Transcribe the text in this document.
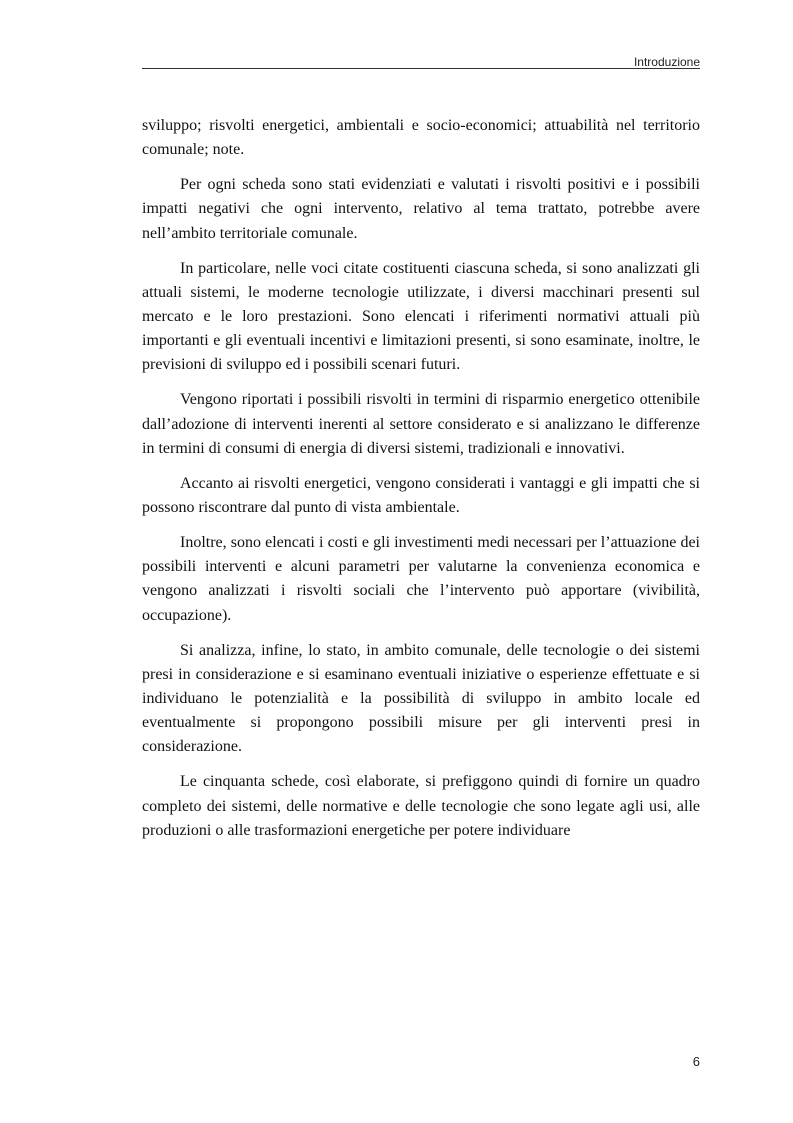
Introduzione

sviluppo; risvolti energetici, ambientali e socio-economici; attuabilità nel territorio comunale; note.

Per ogni scheda sono stati evidenziati e valutati i risvolti positivi e i possibili impatti negativi che ogni intervento, relativo al tema trattato, potrebbe avere nell’ambito territoriale comunale.

In particolare, nelle voci citate costituenti ciascuna scheda, si sono analizzati gli attuali sistemi, le moderne tecnologie utilizzate, i diversi macchinari presenti sul mercato e le loro prestazioni. Sono elencati i riferimenti normativi attuali più importanti e gli eventuali incentivi e limitazioni presenti, si sono esaminate, inoltre, le previsioni di sviluppo ed i possibili scenari futuri.

Vengono riportati i possibili risvolti in termini di risparmio energetico ottenibile dall’adozione di interventi inerenti al settore considerato e si analizzano le differenze in termini di consumi di energia di diversi sistemi, tradizionali e innovativi.

Accanto ai risvolti energetici, vengono considerati i vantaggi e gli impatti che si possono riscontrare dal punto di vista ambientale.

Inoltre, sono elencati i costi e gli investimenti medi necessari per l’attuazione dei possibili interventi e alcuni parametri per valutarne la convenienza economica e vengono analizzati i risvolti sociali che l’intervento può apportare (vivibilità, occupazione).

Si analizza, infine, lo stato, in ambito comunale, delle tecnologie o dei sistemi presi in considerazione e si esaminano eventuali iniziative o esperienze effettuate e si individuano le potenzialità e la possibilità di sviluppo in ambito locale ed eventualmente si propongono possibili misure per gli interventi presi in considerazione.

Le cinquanta schede, così elaborate, si prefiggono quindi di fornire un quadro completo dei sistemi, delle normative e delle tecnologie che sono legate agli usi, alle produzioni o alle trasformazioni energetiche per potere individuare

6
